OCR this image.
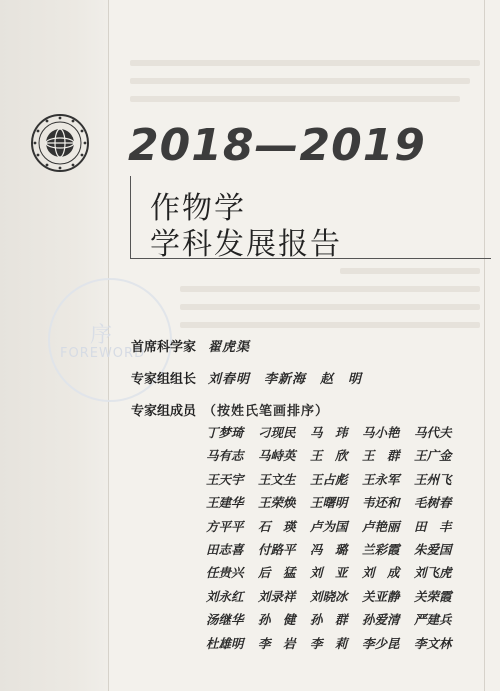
2018—2019
作物学
学科发展报告
序
FOREWORD
首席科学家 翟虎渠
专家组组长 刘春明　李新海　赵　明
专家组成员 （按姓氏笔画排序）
丁梦琦	刁现民	马　玮	马小艳	马代夫
马有志	马峙英	王　欣	王　群	王广金
王天宇	王文生	王占彪	王永军	王州飞
王建华	王荣焕	王曙明	韦还和	毛树春
方平平	石　瑛	卢为国	卢艳丽	田　丰
田志喜	付路平	冯　璐	兰彩霞	朱爱国
任贵兴	后　猛	刘　亚	刘　成	刘飞虎
刘永红	刘录祥	刘晓冰	关亚静	关荣霞
汤继华	孙　健	孙　群	孙爱清	严建兵
杜雄明	李　岩	李　莉	李少昆	李文林
